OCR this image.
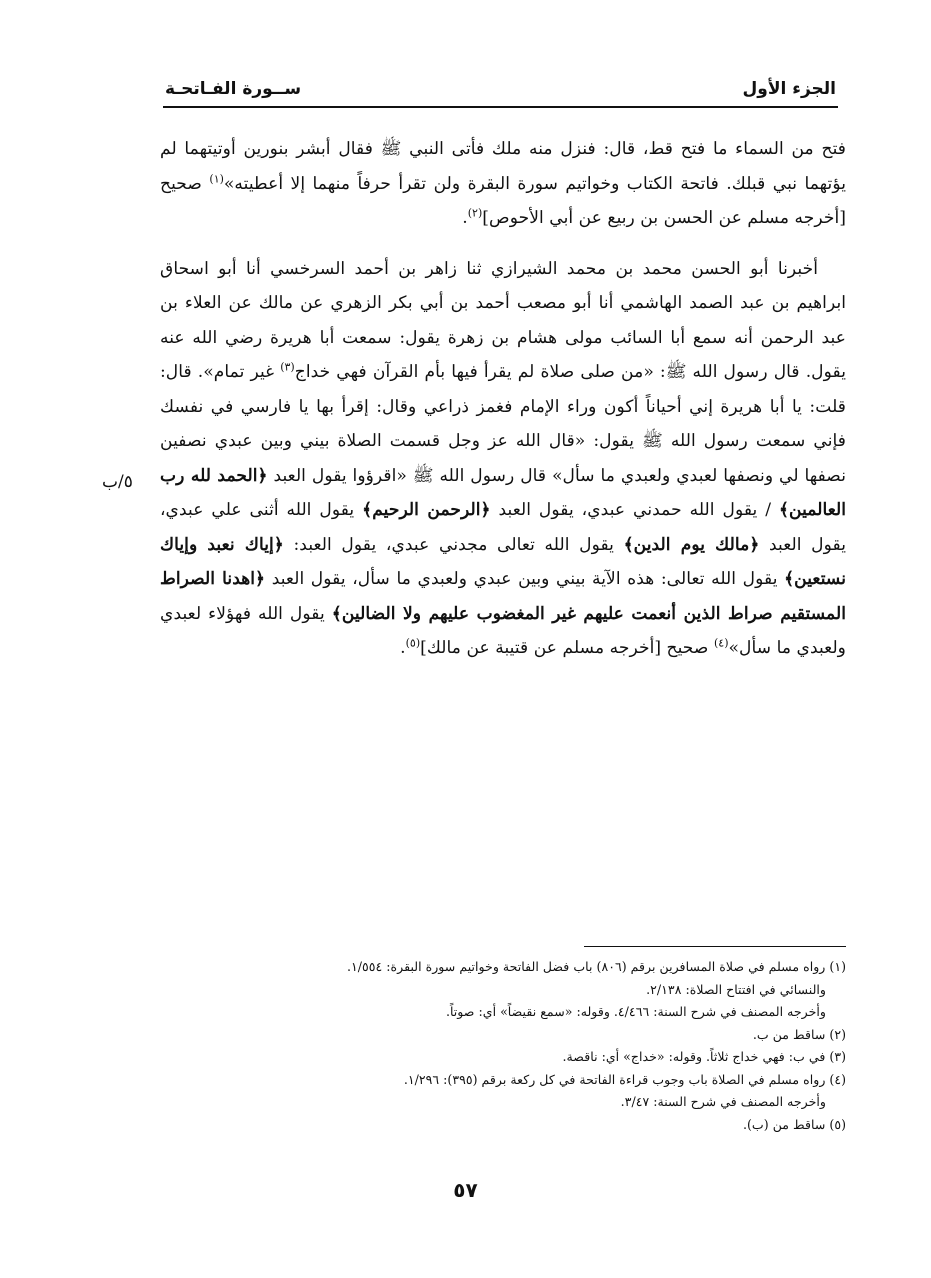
الجزء الأول
ســورة الفـاتحـة

فتح من السماء ما فتح قط، قال: فنزل منه ملك فأتى النبي ﷺ فقال أبشر بنورين أوتيتهما لم يؤتهما نبي قبلك. فاتحة الكتاب وخواتيم سورة البقرة ولن تقرأ حرفاً منهما إلا أعطيته»$^{(١)}$ صحيح [أخرجه مسلم عن الحسن بن ربيع عن أبي الأحوص]$^{(٢)}$.

أخبرنا أبو الحسن محمد بن محمد الشيرازي ثنا زاهر بن أحمد السرخسي أنا أبو اسحاق ابراهيم بن عبد الصمد الهاشمي أنا أبو مصعب أحمد بن أبي بكر الزهري عن مالك عن العلاء بن عبد الرحمن أنه سمع أبا السائب مولى هشام بن زهرة يقول: سمعت أبا هريرة رضي الله عنه يقول. قال رسول الله ﷺ: «من صلى صلاة لم يقرأ فيها بأم القرآن فهي خداج$^{(٣)}$ غير تمام». قال: قلت: يا أبا هريرة إني أحياناً أكون وراء الإمام فغمز ذراعي وقال: إقرأ بها يا فارسي في نفسك فإني سمعت رسول الله ﷺ يقول: «قال الله عز وجل قسمت الصلاة بيني وبين عبدي نصفين نصفها لي ونصفها لعبدي ولعبدي ما سأل» قال رسول الله ﷺ «اقرؤوا يقول العبد ﴿الحمد لله رب العالمين﴾ / يقول الله حمدني عبدي، يقول العبد ﴿الرحمن الرحيم﴾ يقول الله أثنى علي عبدي، يقول العبد ﴿مالك يوم الدين﴾ يقول الله تعالى مجدني عبدي، يقول العبد: ﴿إياك نعبد وإياك نستعين﴾ يقول الله تعالى: هذه الآية بيني وبين عبدي ولعبدي ما سأل، يقول العبد ﴿اهدنا الصراط المستقيم صراط الذين أنعمت عليهم غير المغضوب عليهم ولا الضالين﴾ يقول الله فهؤلاء لعبدي ولعبدي ما سأل»$^{(٤)}$ صحيح [أخرجه مسلم عن قتيبة عن مالك]$^{(٥)}$.

٥/ب
(١) رواه مسلم في صلاة المسافرين برقم (٨٠٦) باب فضل الفاتحة وخواتيم سورة البقرة: ١/٥٥٤.
والنسائي في افتتاح الصلاة: ٢/١٣٨.
وأخرجه المصنف في شرح السنة: ٤/٤٦٦. وقوله: «سمع نقيضاً» أي: صوتاً.
(٢) ساقط من ب.
(٣) في ب: فهي خداج ثلاثاً. وقوله: «خداج» أي: ناقصة.
(٤) رواه مسلم في الصلاة باب وجوب قراءة الفاتحة في كل ركعة برقم (٣٩٥): ١/٢٩٦.
وأخرجه المصنف في شرح السنة: ٣/٤٧.
(٥) ساقط من (ب).
٥٧
